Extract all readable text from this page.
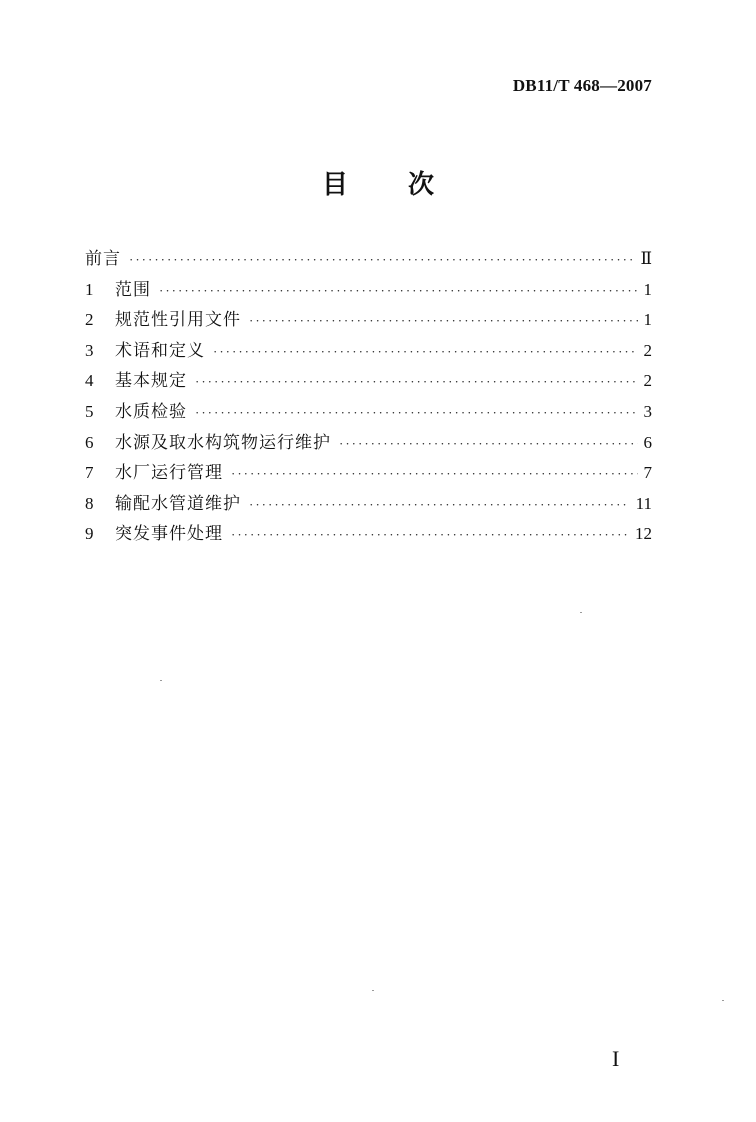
DB11/T 468—2007
目 次
前言 ·····	Ⅱ
1	范围 ·····	1
2	规范性引用文件 ·····	1
3	术语和定义 ·····	2
4	基本规定 ·····	2
5	水质检验 ·····	3
6	水源及取水构筑物运行维护 ·····	6
7	水厂运行管理 ·····	7
8	输配水管道维护 ·····	11
9	突发事件处理 ·····	12
I
